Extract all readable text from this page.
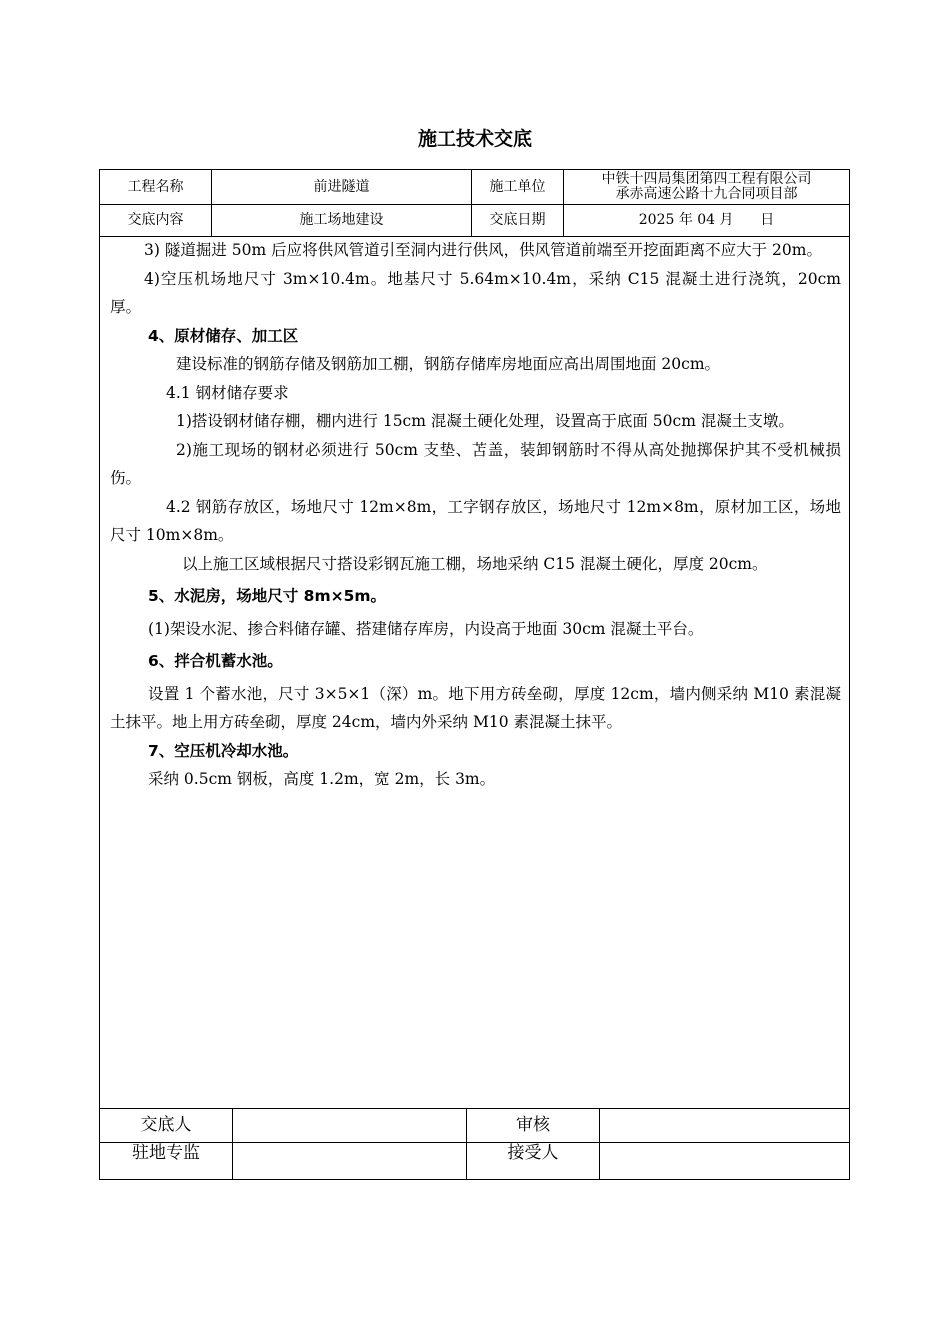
施工技术交底
工程名称	前进隧道	施工单位	中铁十四局集团第四工程有限公司
承赤高速公路十九合同项目部
交底内容	施工场地建设	交底日期	2025 年 04 月      日

3) 隧道掘进 50m 后应将供风管道引至洞内进行供风，供风管道前端至开挖面距离不应大于 20m。

4)空压机场地尺寸 3m×10.4m。地基尺寸 5.64m×10.4m，采纳 C15 混凝土进行浇筑，20cm 厚。

4、原材储存、加工区

建设标准的钢筋存储及钢筋加工棚，钢筋存储库房地面应高出周围地面 20cm。

4.1 钢材储存要求

1)搭设钢材储存棚，棚内进行 15cm 混凝土硬化处理，设置高于底面 50cm 混凝土支墩。

2)施工现场的钢材必须进行 50cm 支垫、苫盖，装卸钢筋时不得从高处抛掷保护其不受机械损伤。

4.2 钢筋存放区，场地尺寸 12m×8m，工字钢存放区，场地尺寸 12m×8m，原材加工区，场地尺寸 10m×8m。

以上施工区域根据尺寸搭设彩钢瓦施工棚，场地采纳 C15 混凝土硬化，厚度 20cm。

5、水泥房，场地尺寸 8m×5m。

(1)架设水泥、掺合料储存罐、搭建储存库房，内设高于地面 30cm 混凝土平台。

6、拌合机蓄水池。

设置 1 个蓄水池，尺寸 3×5×1（深）m。地下用方砖垒砌，厚度 12cm，墙内侧采纳 M10 素混凝土抹平。地上用方砖垒砌，厚度 24cm，墙内外采纳 M10 素混凝土抹平。

7、空压机冷却水池。

采纳 0.5cm 钢板，高度 1.2m，宽 2m，长 3m。

交底人	审核
驻地专监	接受人
